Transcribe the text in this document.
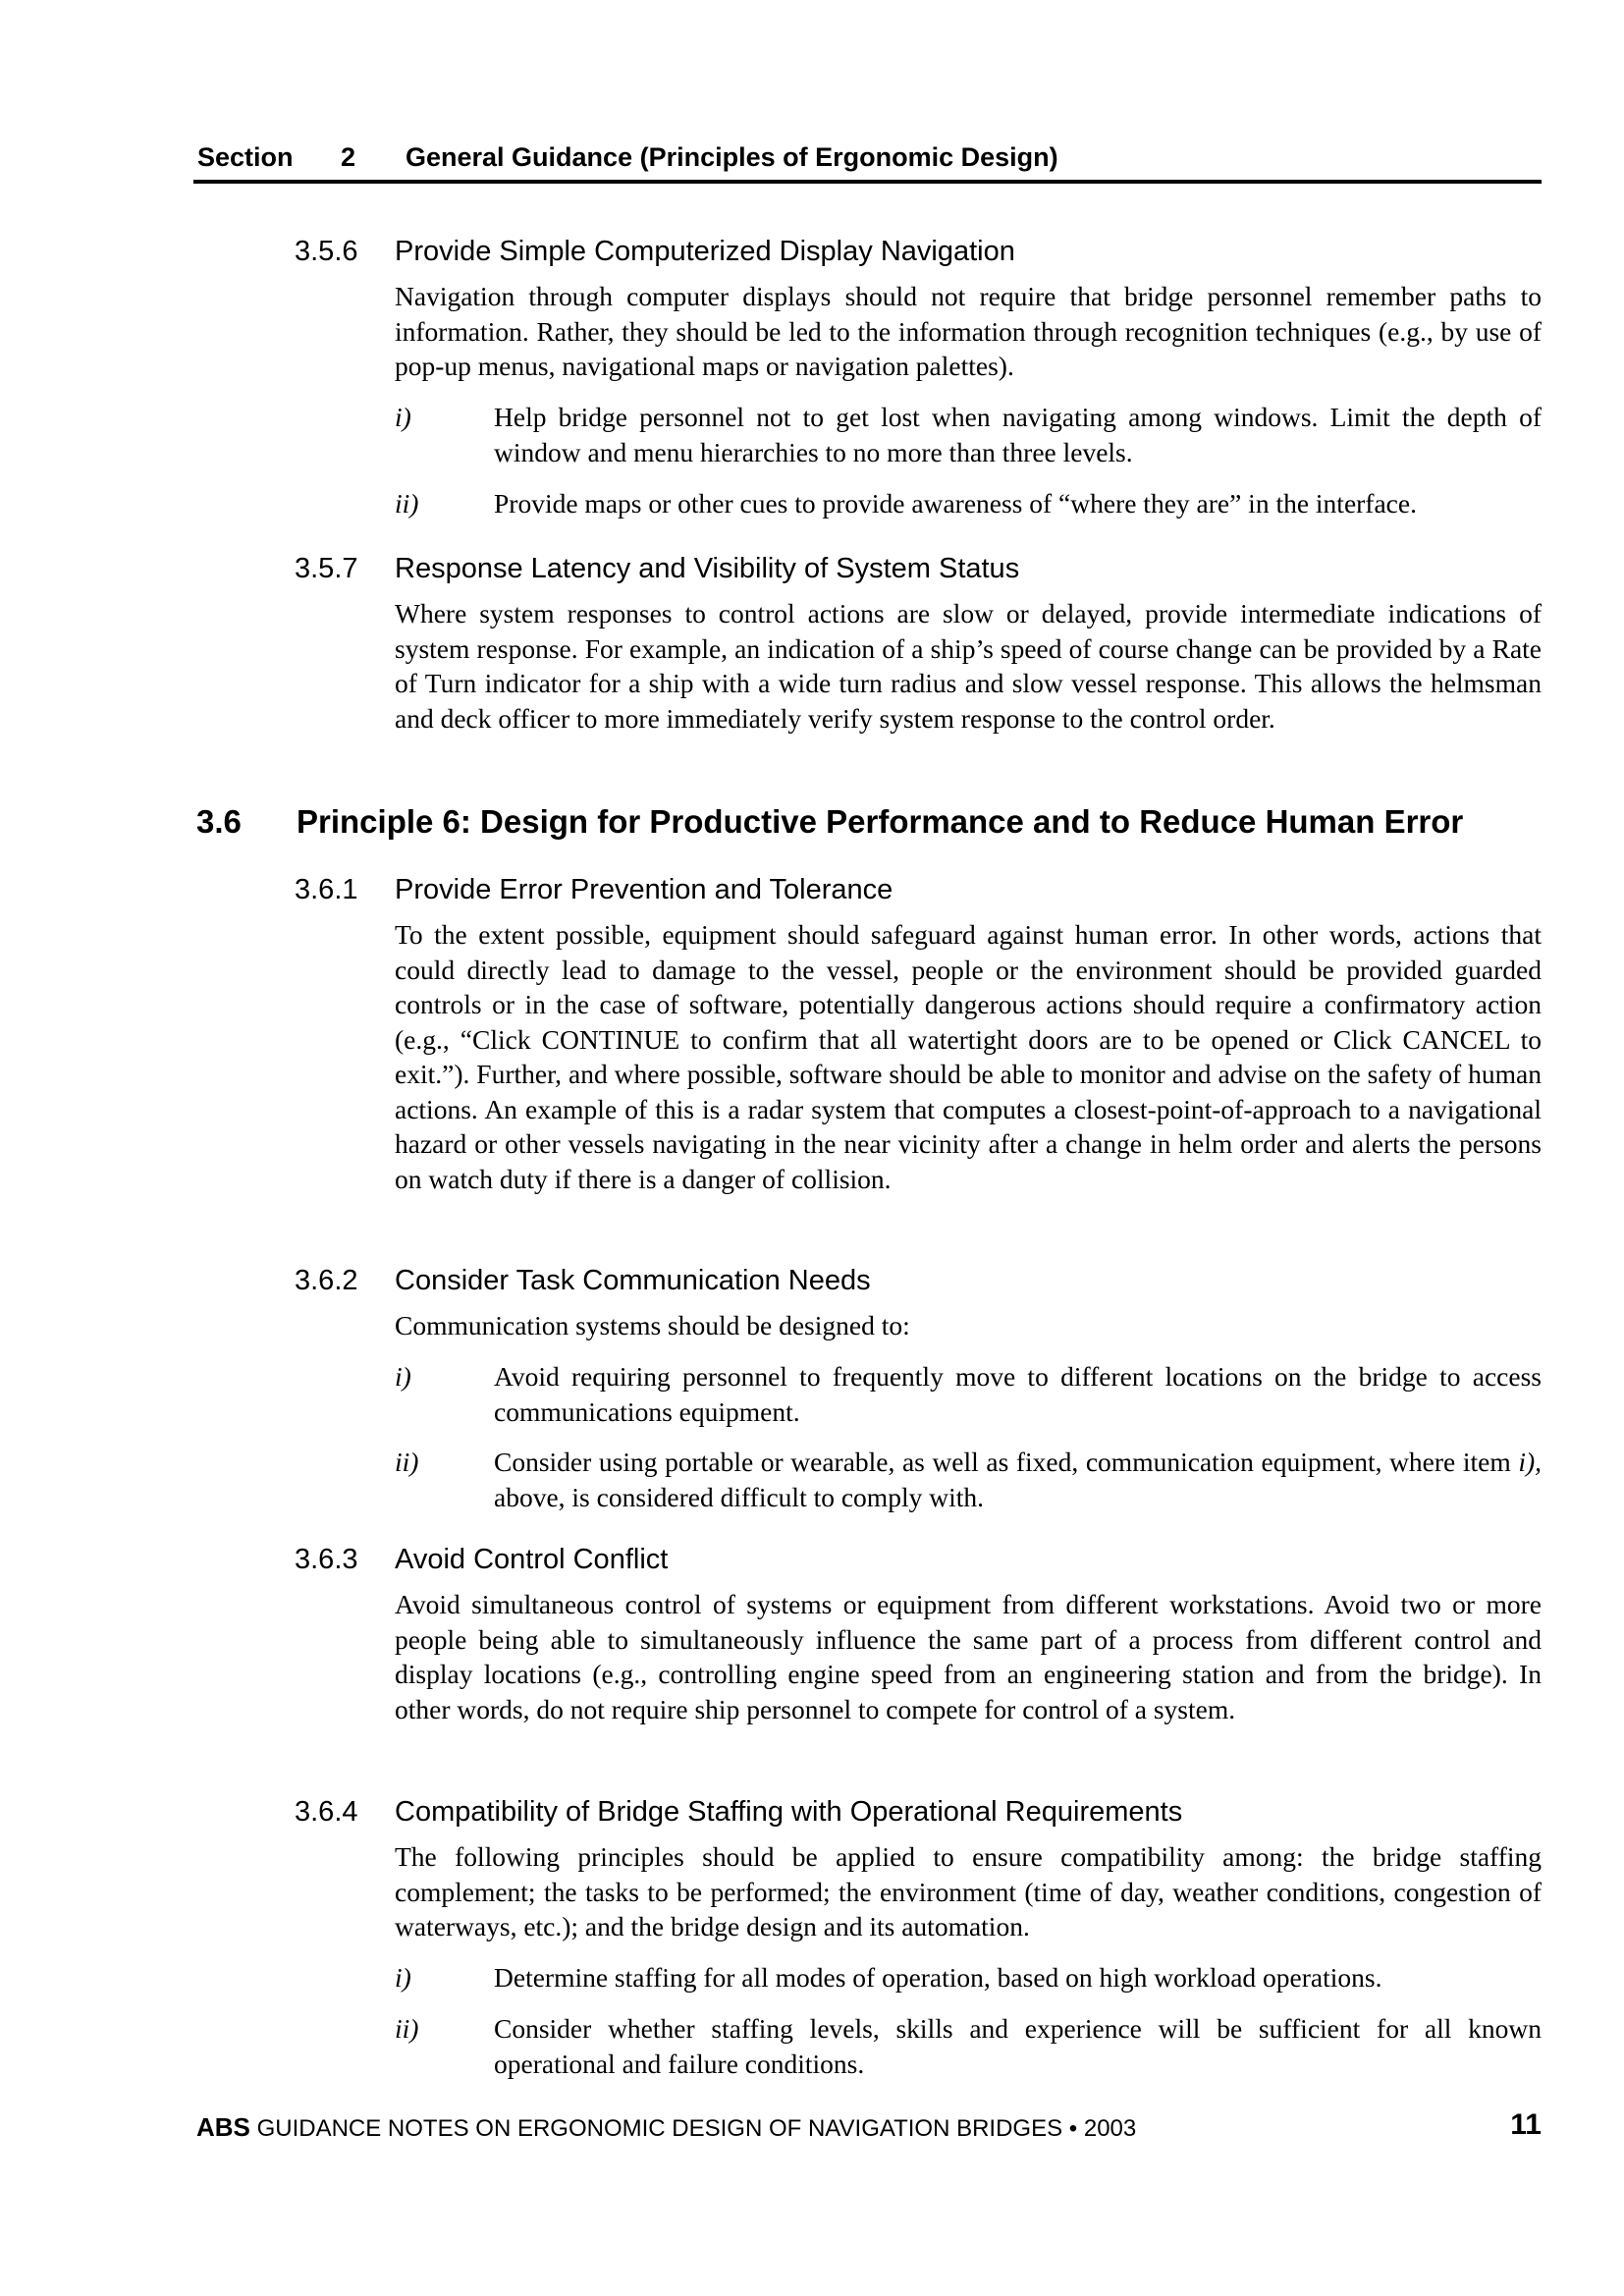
Section 2 General Guidance (Principles of Ergonomic Design)
3.5.6 Provide Simple Computerized Display Navigation

Navigation through computer displays should not require that bridge personnel remember paths to information. Rather, they should be led to the information through recognition techniques (e.g., by use of pop-up menus, navigational maps or navigation palettes).

i)	Help bridge personnel not to get lost when navigating among windows. Limit the depth of window and menu hierarchies to no more than three levels.
ii)	Provide maps or other cues to provide awareness of “where they are” in the interface.
3.5.7 Response Latency and Visibility of System Status

Where system responses to control actions are slow or delayed, provide intermediate indications of system response. For example, an indication of a ship’s speed of course change can be provided by a Rate of Turn indicator for a ship with a wide turn radius and slow vessel response. This allows the helmsman and deck officer to more immediately verify system response to the control order.

3.6 Principle 6: Design for Productive Performance and to Reduce Human Error
3.6.1 Provide Error Prevention and Tolerance

To the extent possible, equipment should safeguard against human error. In other words, actions that could directly lead to damage to the vessel, people or the environment should be provided guarded controls or in the case of software, potentially dangerous actions should require a confirmatory action (e.g., “Click CONTINUE to confirm that all watertight doors are to be opened or Click CANCEL to exit.”). Further, and where possible, software should be able to monitor and advise on the safety of human actions. An example of this is a radar system that computes a closest-point-of-approach to a navigational hazard or other vessels navigating in the near vicinity after a change in helm order and alerts the persons on watch duty if there is a danger of collision.

3.6.2 Consider Task Communication Needs

Communication systems should be designed to:

i)	Avoid requiring personnel to frequently move to different locations on the bridge to access communications equipment.
ii)	Consider using portable or wearable, as well as fixed, communication equipment, where item i), above, is considered difficult to comply with.
3.6.3 Avoid Control Conflict

Avoid simultaneous control of systems or equipment from different workstations. Avoid two or more people being able to simultaneously influence the same part of a process from different control and display locations (e.g., controlling engine speed from an engineering station and from the bridge). In other words, do not require ship personnel to compete for control of a system.

3.6.4 Compatibility of Bridge Staffing with Operational Requirements

The following principles should be applied to ensure compatibility among: the bridge staffing complement; the tasks to be performed; the environment (time of day, weather conditions, congestion of waterways, etc.); and the bridge design and its automation.

i)	Determine staffing for all modes of operation, based on high workload operations.
ii)	Consider whether staffing levels, skills and experience will be sufficient for all known operational and failure conditions.
ABS GUIDANCE NOTES ON ERGONOMIC DESIGN OF NAVIGATION BRIDGES • 2003	11
